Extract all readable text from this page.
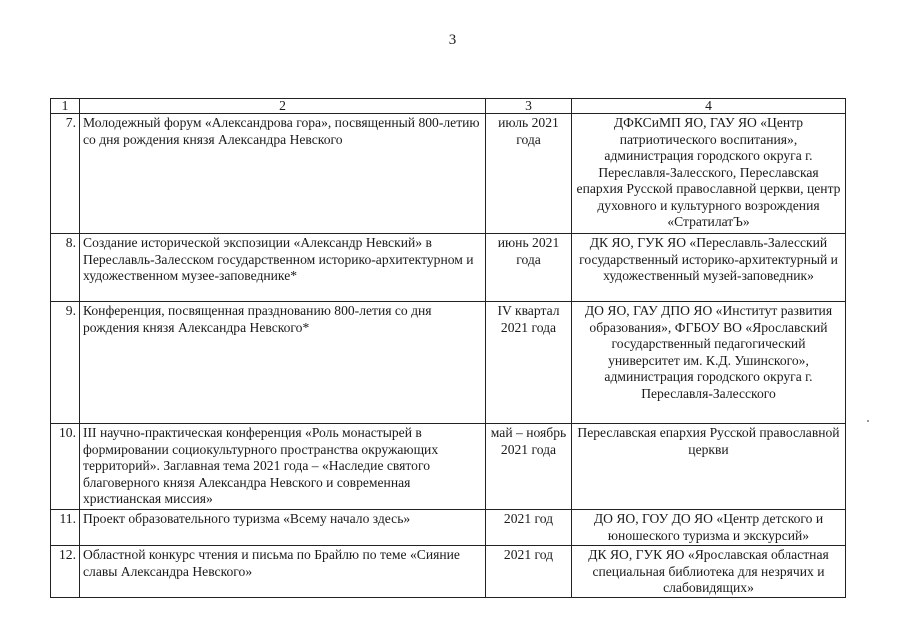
3
1	2	3	4
7.	Молодежный форум «Александрова гора», посвященный 800-летию со дня рождения князя Александра Невского	июль 2021 года	ДФКСиМП ЯО, ГАУ ЯО «Центр патриотического воспитания», администрация городского округа г. Переславля-Залесского, Переславская епархия Русской православной церкви, центр духовного и культурного возрождения «СтратилатЪ»
8.	Создание исторической экспозиции «Александр Невский» в Переславль-Залесском государственном историко-архитектурном и художественном музее-заповеднике*	июнь 2021 года	ДК ЯО, ГУК ЯО «Переславль-Залесский государственный историко-архитектурный и художественный музей-заповедник»
9.	Конференция, посвященная празднованию 800-летия со дня рождения князя Александра Невского*	IV квартал 2021 года	ДО ЯО, ГАУ ДПО ЯО «Институт развития образования», ФГБОУ ВО «Ярославский государственный педагогический университет им. К.Д. Ушинского», администрация городского округа г. Переславля-Залесского
10.	III научно-практическая конференция «Роль монастырей в формировании социокультурного пространства окружающих территорий». Заглавная тема 2021 года – «Наследие святого благоверного князя Александра Невского и современная христианская миссия»	май – ноябрь 2021 года	Переславская епархия Русской православной церкви
11.	Проект образовательного туризма «Всему начало здесь»	2021 год	ДО ЯО, ГОУ ДО ЯО «Центр детского и юношеского туризма и экскурсий»
12.	Областной конкурс чтения и письма по Брайлю по теме «Сияние славы Александра Невского»	2021 год	ДК ЯО, ГУК ЯО «Ярославская областная специальная библиотека для незрячих и слабовидящих»
